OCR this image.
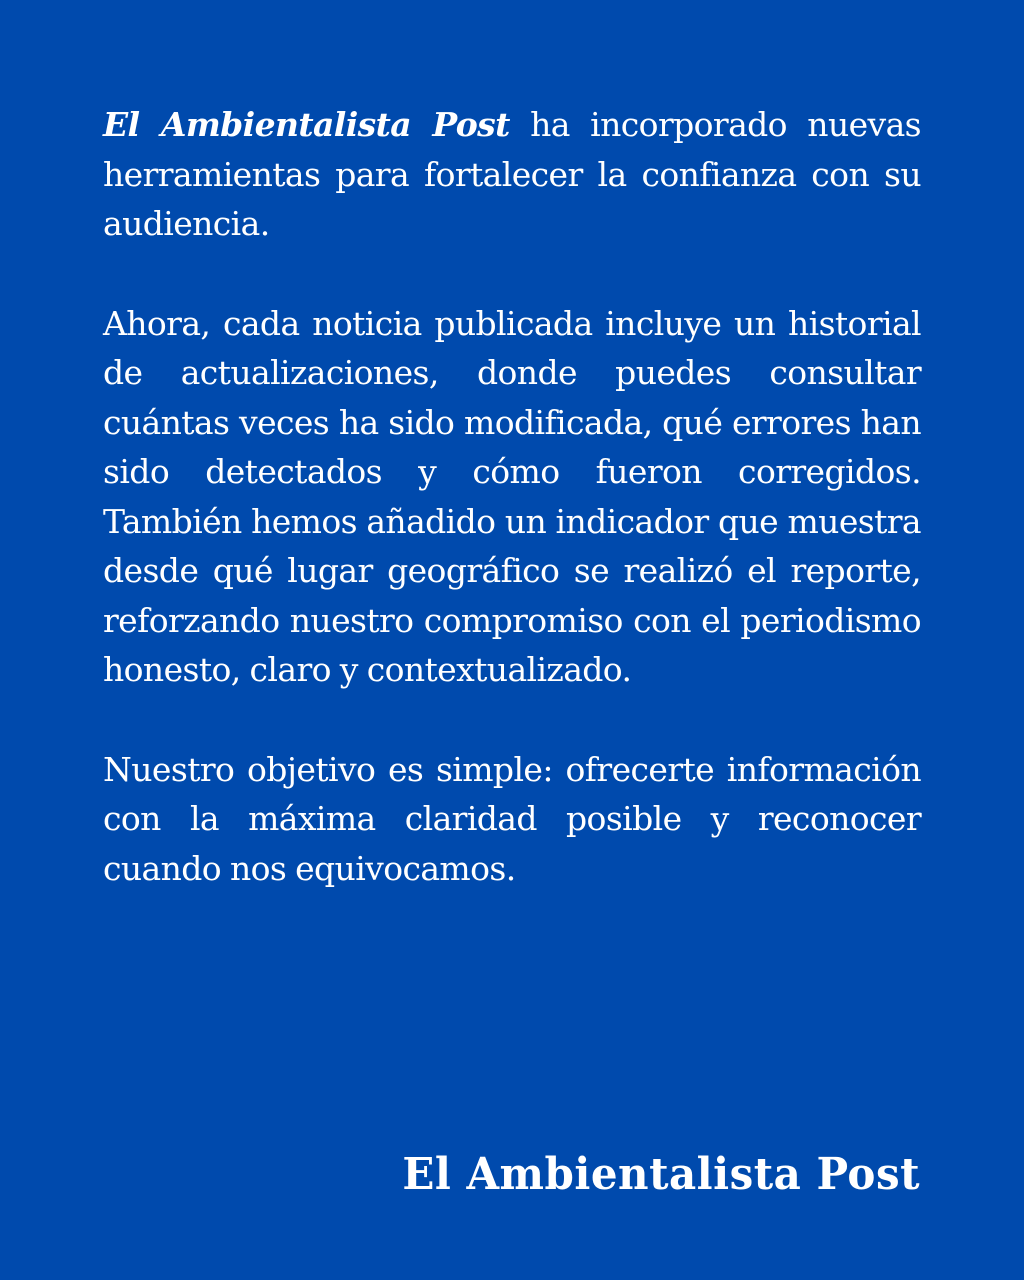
El Ambientalista Post ha incorporado nuevas herramientas para fortalecer la confianza con su audiencia.

Ahora, cada noticia publicada incluye un historial de actualizaciones, donde puedes consultar cuántas veces ha sido modificada, qué errores han sido detectados y cómo fueron corregidos. También hemos añadido un indicador que muestra desde qué lugar geográfico se realizó el reporte, reforzando nuestro compromiso con el periodismo honesto, claro y contextualizado.

Nuestro objetivo es simple: ofrecerte información con la máxima claridad posible y reconocer cuando nos equivocamos.

El Ambientalista Post
